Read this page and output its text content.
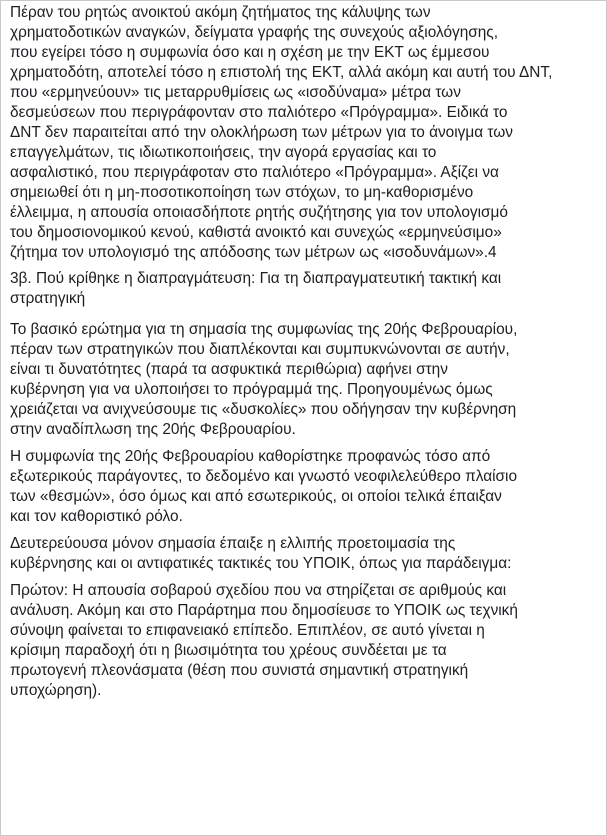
Πέραν του ρητώς ανοικτού ακόμη ζητήματος της κάλυψης των
χρηματοδοτικών αναγκών, δείγματα γραφής της συνεχούς αξιολόγησης,
που εγείρει τόσο η συμφωνία όσο και η σχέση με την ΕΚΤ ως έμμεσου
χρηματοδότη, αποτελεί τόσο η επιστολή της ΕΚΤ, αλλά ακόμη και αυτή του ΔΝΤ,
που «ερμηνεύουν» τις μεταρρυθμίσεις ως «ισοδύναμα» μέτρα των
δεσμεύσεων που περιγράφονταν στο παλιότερο «Πρόγραμμα». Ειδικά το
ΔΝΤ δεν παραιτείται από την ολοκλήρωση των μέτρων για το άνοιγμα των
επαγγελμάτων, τις ιδιωτικοποιήσεις, την αγορά εργασίας και το
ασφαλιστικό, που περιγράφοταν στο παλιότερο «Πρόγραμμα». Αξίζει να
σημειωθεί ότι η μη-ποσοτικοποίηση των στόχων, το μη-καθορισμένο
έλλειμμα, η απουσία οποιασδήποτε ρητής συζήτησης για τον υπολογισμό
του δημοσιονομικού κενού, καθιστά ανοικτό και συνεχώς «ερμηνεύσιμο»
ζήτημα τον υπολογισμό της απόδοσης των μέτρων ως «ισοδυνάμων».4

3β. Πού κρίθηκε η διαπραγμάτευση: Για τη διαπραγματευτική τακτική και
στρατηγική

Το βασικό ερώτημα για τη σημασία της συμφωνίας της 20ής Φεβρουαρίου,
πέραν των στρατηγικών που διαπλέκονται και συμπυκνώνονται σε αυτήν,
είναι τι δυνατότητες (παρά τα ασφυκτικά περιθώρια) αφήνει στην
κυβέρνηση για να υλοποιήσει το πρόγραμμά της. Προηγουμένως όμως
χρειάζεται να ανιχνεύσουμε τις «δυσκολίες» που οδήγησαν την κυβέρνηση
στην αναδίπλωση της 20ής Φεβρουαρίου.

Η συμφωνία της 20ής Φεβρουαρίου καθορίστηκε προφανώς τόσο από
εξωτερικούς παράγοντες, το δεδομένο και γνωστό νεοφιλελεύθερο πλαίσιο
των «θεσμών», όσο όμως και από εσωτερικούς, οι οποίοι τελικά έπαιξαν
και τον καθοριστικό ρόλο.

Δευτερεύουσα μόνον σημασία έπαιξε η ελλιπής προετοιμασία της
κυβέρνησης και οι αντιφατικές τακτικές του ΥΠΟΙΚ, όπως για παράδειγμα:

Πρώτον: Η απουσία σοβαρού σχεδίου που να στηρίζεται σε αριθμούς και
ανάλυση. Ακόμη και στο Παράρτημα που δημοσίευσε το ΥΠΟΙΚ ως τεχνική
σύνοψη φαίνεται το επιφανειακό επίπεδο. Επιπλέον, σε αυτό γίνεται η
κρίσιμη παραδοχή ότι η βιωσιμότητα του χρέους συνδέεται με τα
πρωτογενή πλεονάσματα (θέση που συνιστά σημαντική στρατηγική
υποχώρηση).
